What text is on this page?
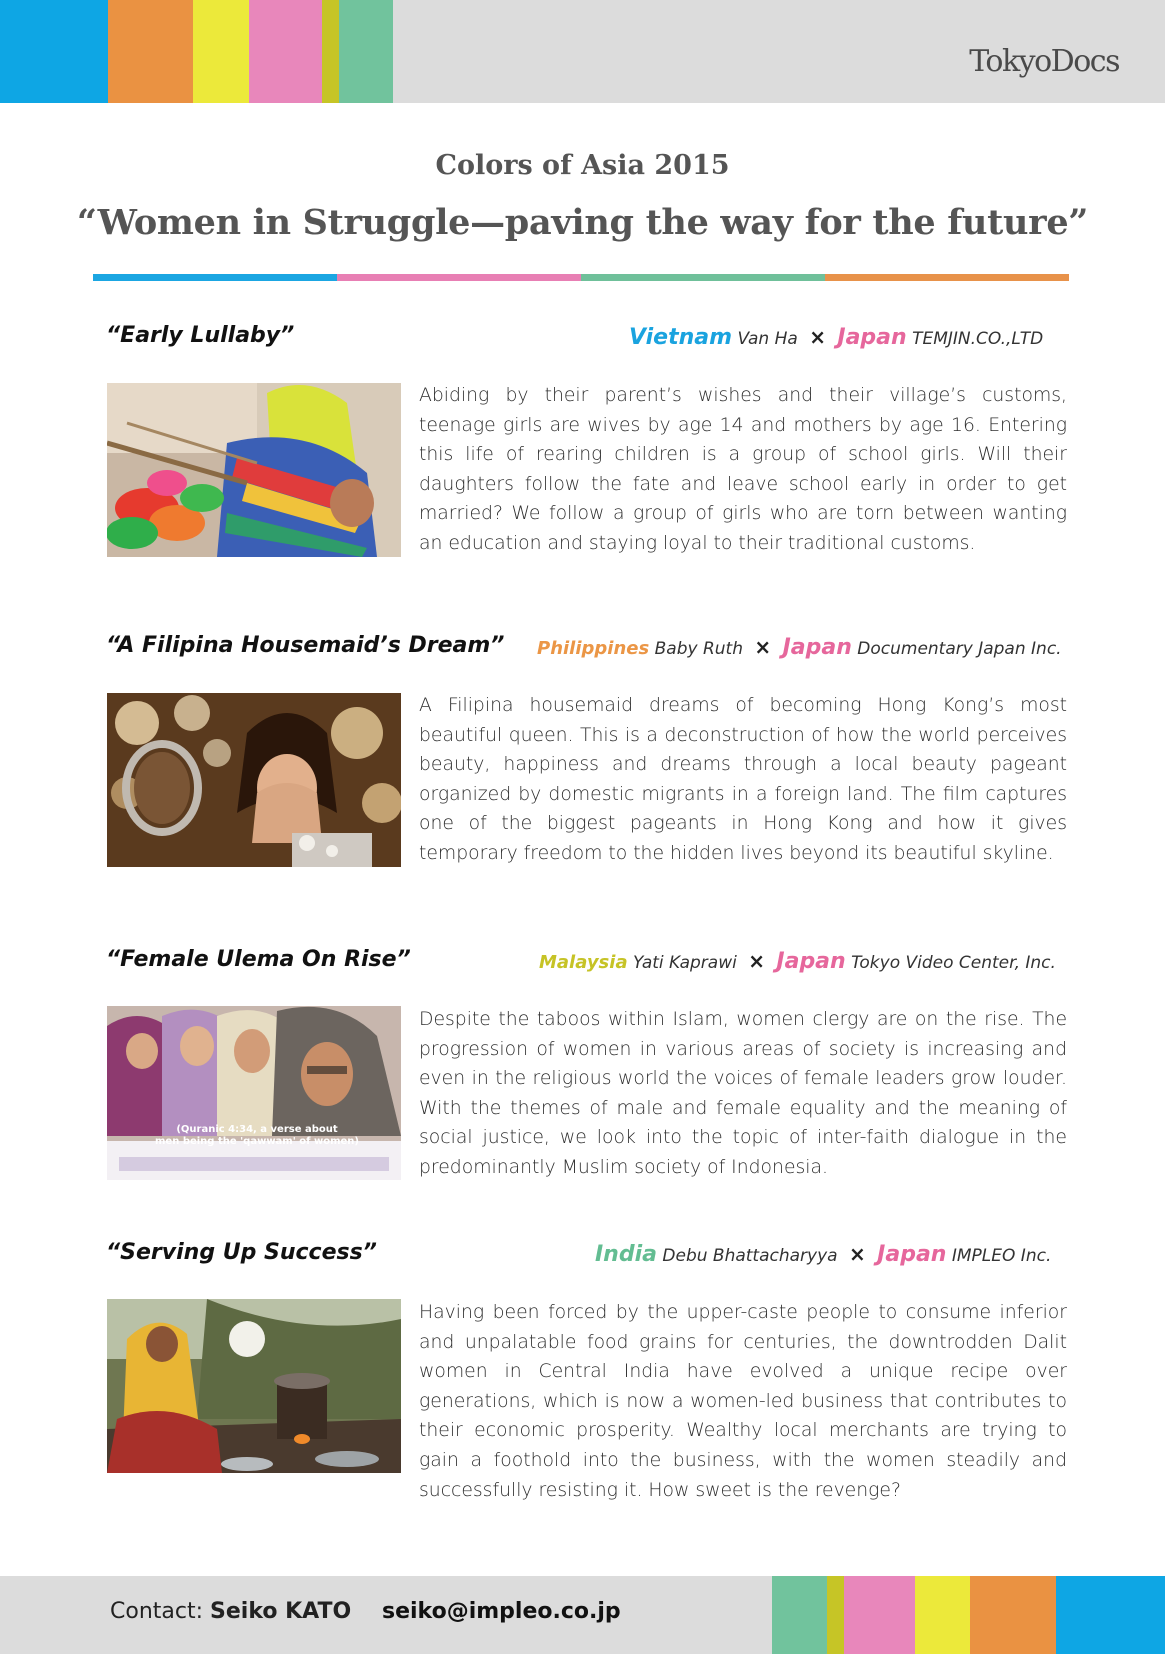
TokyoDocs
Colors of Asia 2015
“Women in Struggle—paving the way for the future”
“Early Lullaby”	Vietnam Van Ha × Japan TEMJIN.CO.,LTD
Abiding by their parent’s wishes and their village’s customs, teenage girls are wives by age 14 and mothers by age 16. Entering this life of rearing children is a group of school girls. Will their daughters follow the fate and leave school early in order to get married? We follow a group of girls who are torn between wanting an education and staying loyal to their traditional customs.
“A Filipina Housemaid’s Dream” Philippines Baby Ruth × Japan Documentary Japan Inc.
A Filipina housemaid dreams of becoming Hong Kong’s most beautiful queen. This is a deconstruction of how the world perceives beauty, happiness and dreams through a local beauty pageant organized by domestic migrants in a foreign land. The film captures one of the biggest pageants in Hong Kong and how it gives temporary freedom to the hidden lives beyond its beautiful skyline.
“Female Ulema On Rise”	Malaysia Yati Kaprawi × Japan Tokyo Video Center, Inc.
(Quranic 4:34, a verse about
men being the 'qawwam' of women)
Despite the taboos within Islam, women clergy are on the rise. The progression of women in various areas of society is increasing and even in the religious world the voices of female leaders grow louder. With the themes of male and female equality and the meaning of social justice, we look into the topic of inter-faith dialogue in the predominantly Muslim society of Indonesia.
“Serving Up Success”	India Debu Bhattacharyya × Japan IMPLEO Inc.
Having been forced by the upper-caste people to consume inferior and unpalatable food grains for centuries, the downtrodden Dalit women in Central India have evolved a unique recipe over generations, which is now a women-led business that contributes to their economic prosperity. Wealthy local merchants are trying to gain a foothold into the business, with the women steadily and successfully resisting it. How sweet is the revenge?
Contact: Seiko KATO seiko@impleo.co.jp
